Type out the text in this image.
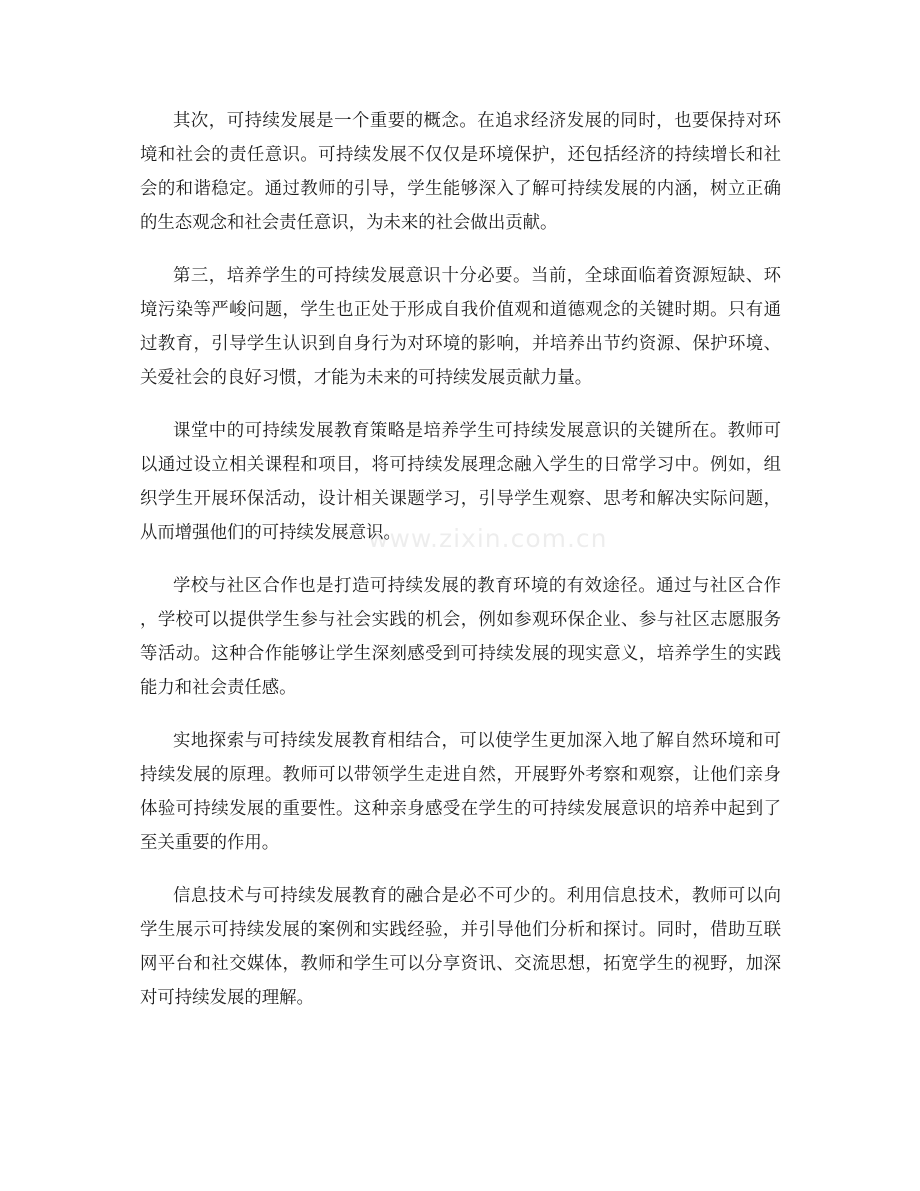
其次，可持续发展是一个重要的概念。在追求经济发展的同时，也要保持对环
境和社会的责任意识。可持续发展不仅仅是环境保护，还包括经济的持续增长和社
会的和谐稳定。通过教师的引导，学生能够深入了解可持续发展的内涵，树立正确
的生态观念和社会责任意识，为未来的社会做出贡献。
第三，培养学生的可持续发展意识十分必要。当前，全球面临着资源短缺、环
境污染等严峻问题，学生也正处于形成自我价值观和道德观念的关键时期。只有通
过教育，引导学生认识到自身行为对环境的影响，并培养出节约资源、保护环境、
关爱社会的良好习惯，才能为未来的可持续发展贡献力量。
课堂中的可持续发展教育策略是培养学生可持续发展意识的关键所在。教师可
以通过设立相关课程和项目，将可持续发展理念融入学生的日常学习中。例如，组
织学生开展环保活动，设计相关课题学习，引导学生观察、思考和解决实际问题，
从而增强他们的可持续发展意识。
学校与社区合作也是打造可持续发展的教育环境的有效途径。通过与社区合作
，学校可以提供学生参与社会实践的机会，例如参观环保企业、参与社区志愿服务
等活动。这种合作能够让学生深刻感受到可持续发展的现实意义，培养学生的实践
能力和社会责任感。
实地探索与可持续发展教育相结合，可以使学生更加深入地了解自然环境和可
持续发展的原理。教师可以带领学生走进自然，开展野外考察和观察，让他们亲身
体验可持续发展的重要性。这种亲身感受在学生的可持续发展意识的培养中起到了
至关重要的作用。
信息技术与可持续发展教育的融合是必不可少的。利用信息技术，教师可以向
学生展示可持续发展的案例和实践经验，并引导他们分析和探讨。同时，借助互联
网平台和社交媒体，教师和学生可以分享资讯、交流思想，拓宽学生的视野，加深
对可持续发展的理解。
www.zixin.com.cn
